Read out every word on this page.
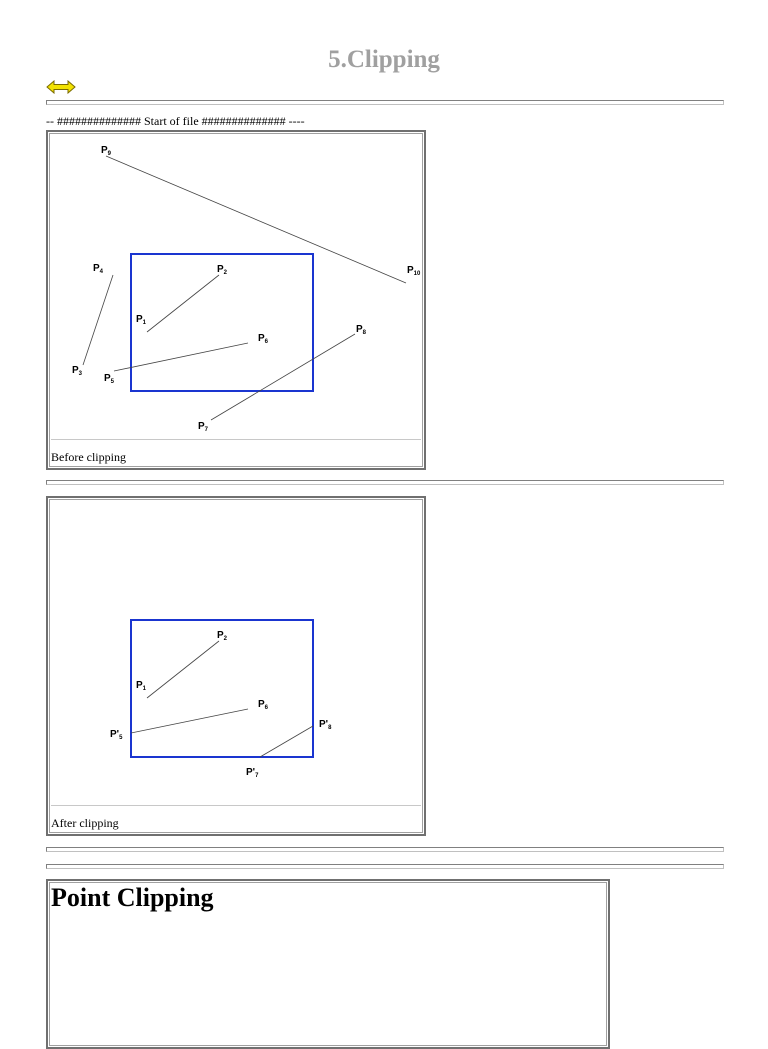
5.Clipping
-- ############## Start of file ############## ----
P9
P10
P4	P2
P1
P6
P8
P3 P5
P7
Before clipping
P2
P1
P6
P'5
P'8
P'7
After clipping
Point Clipping
